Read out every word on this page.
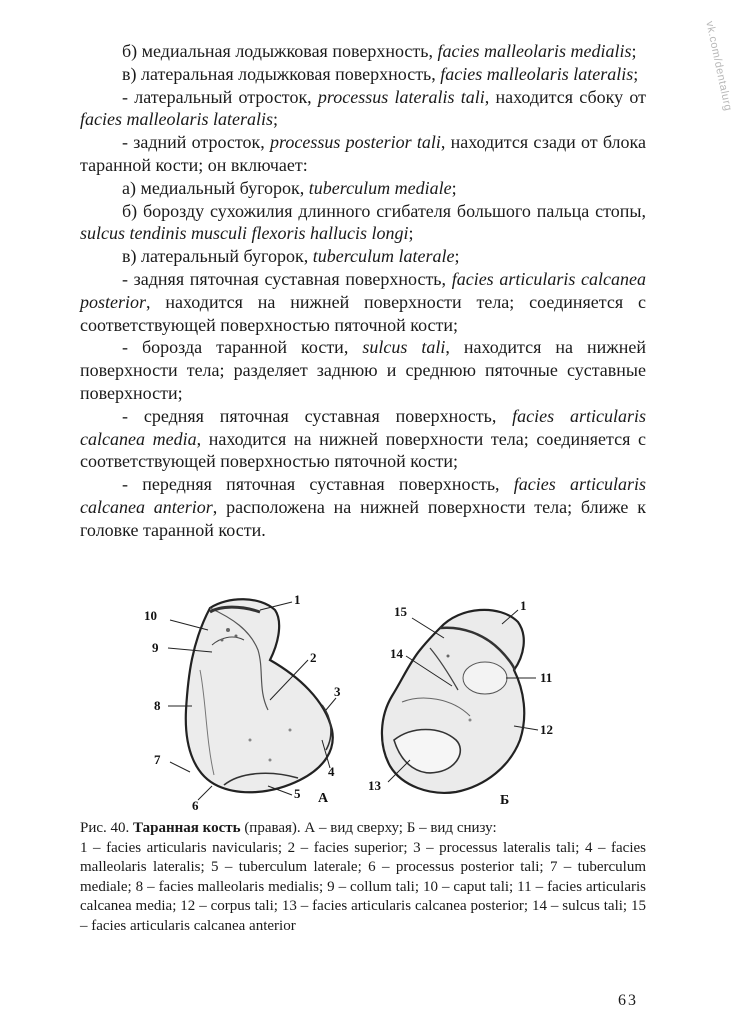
vk.com/dentalurg

б) медиальная лодыжковая поверхность, facies malleolaris medialis;

в) латеральная лодыжковая поверхность, facies malleolaris lateralis;

- латеральный отросток, processus lateralis tali, находится сбоку от facies malleolaris lateralis;

- задний отросток, processus posterior tali, находится сзади от блока таранной кости; он включает:

а) медиальный бугорок, tuberculum mediale;

б) борозду сухожилия длинного сгибателя большого пальца стопы, sulcus tendinis musculi flexoris hallucis longi;

в) латеральный бугорок, tuberculum laterale;

- задняя пяточная суставная поверхность, facies articularis calcanea posterior, находится на нижней поверхности тела; соединяется с соответствующей поверхностью пяточной кости;

- борозда таранной кости, sulcus tali, находится на нижней поверхности тела; разделяет заднюю и среднюю пяточные суставные поверхности;

- средняя пяточная суставная поверхность, facies articularis calcanea media, находится на нижней поверхности тела; соединяется с соответствующей поверхностью пяточной кости;

- передняя пяточная суставная поверхность, facies articularis calcanea anterior, расположена на нижней поверхности тела; ближе к головке таранной кости.

10
1
9
2
3
8
4
7
5
6	А
15	1
14
11
12
13
Б

Рис. 40. Таранная кость (правая). А – вид сверху; Б – вид снизу:
1 – facies articularis navicularis; 2 – facies superior; 3 – processus lateralis tali; 4 – facies malleolaris lateralis; 5 – tuberculum laterale; 6 – processus posterior tali; 7 – tuberculum mediale; 8 – facies malleolaris medialis; 9 – collum tali; 10 – caput tali; 11 – facies articularis calcanea media; 12 – corpus tali; 13 – facies articularis calcanea posterior; 14 – sulcus tali; 15 – facies articularis calcanea anterior

63
